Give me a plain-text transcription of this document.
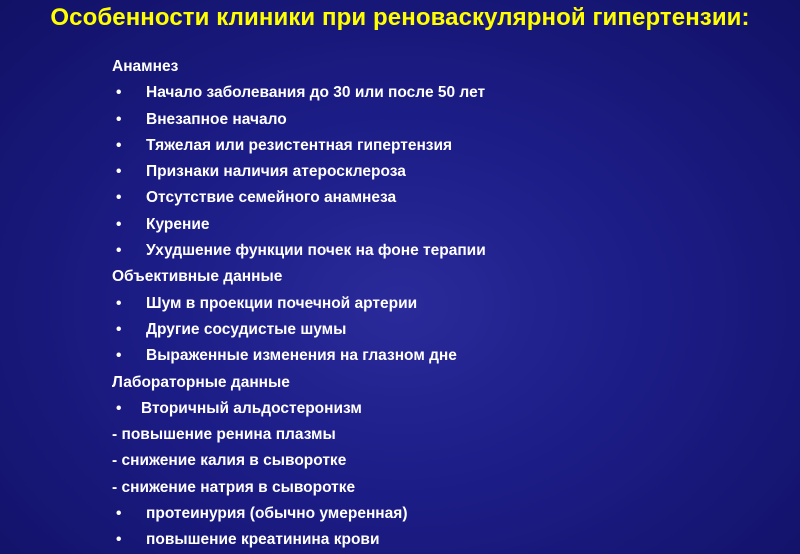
Особенности клиники при реноваскулярной гипертензии:
Анамнез
• Начало заболевания до 30 или после 50 лет
• Внезапное начало
• Тяжелая или резистентная гипертензия
• Признаки наличия атеросклероза
• Отсутствие семейного анамнеза
• Курение
• Ухудшение функции почек на фоне терапии
Объективные данные
• Шум в проекции почечной артерии
• Другие сосудистые шумы
• Выраженные изменения на глазном дне
Лабораторные данные
• Вторичный альдостеронизм
- повышение ренина плазмы
- снижение калия в сыворотке
- снижение натрия в сыворотке
• протеинурия (обычно умеренная)
• повышение креатинина крови
